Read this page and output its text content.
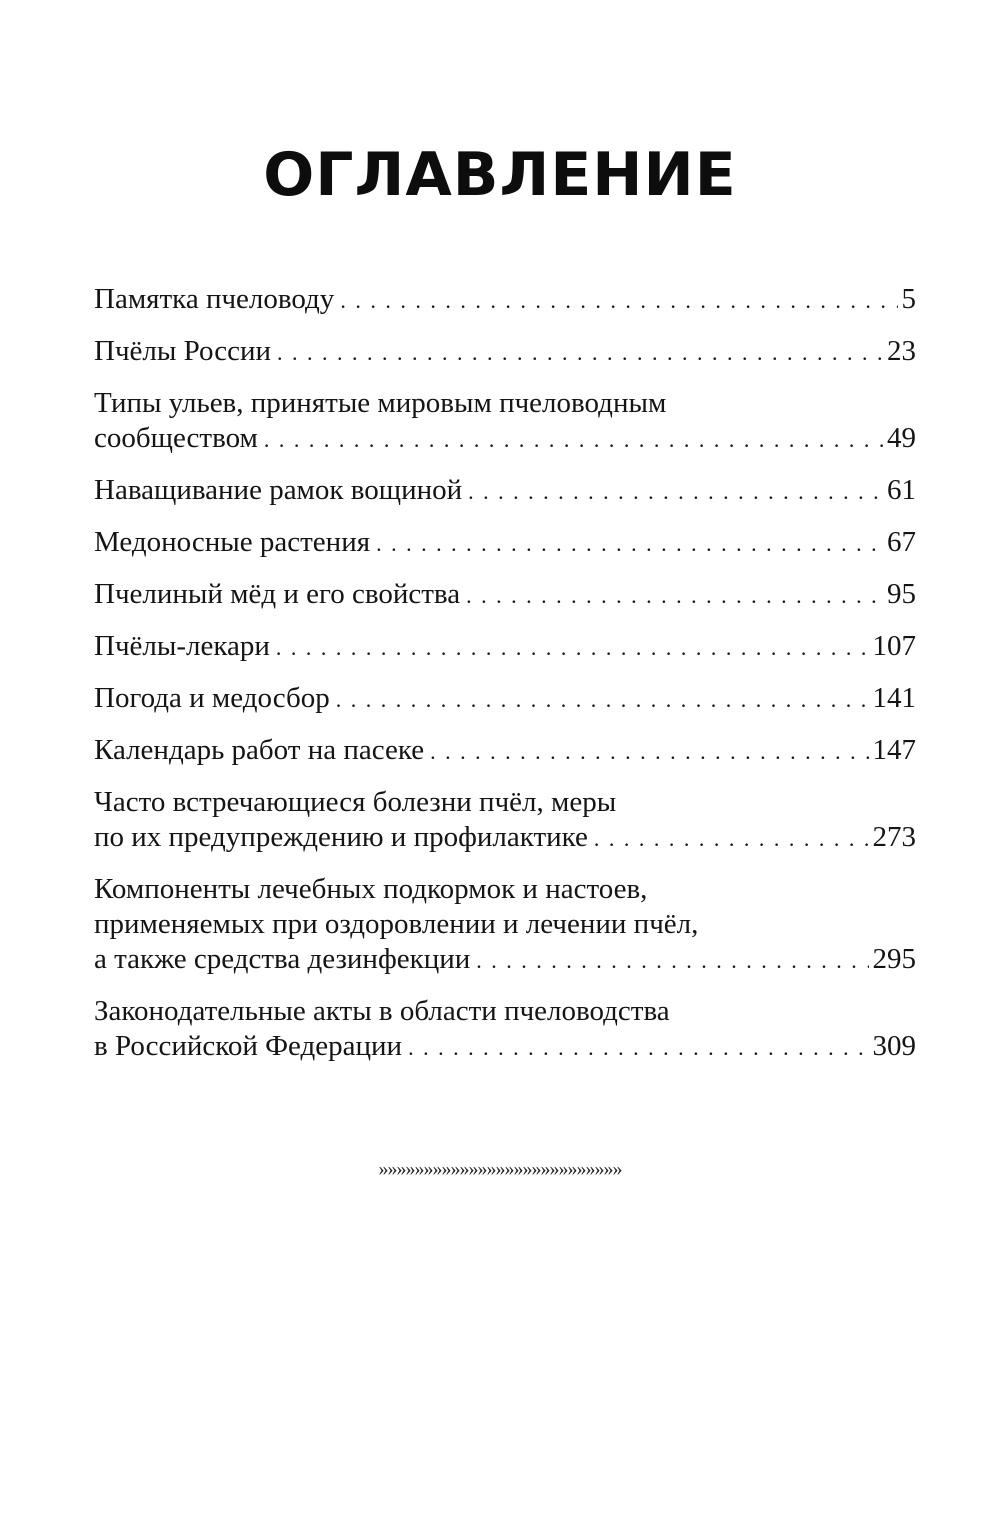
ОГЛАВЛЕНИЕ
Памятка пчеловоду . . .	5
Пчёлы России . . .	23
Типы ульев, принятые мировым пчеловодным
сообществом . . .	49
Наващивание рамок вощиной . . .	61
Медоносные растения . . .	67
Пчелиный мёд и его свойства . . .	95
Пчёлы-лекари . . .	107
Погода и медосбор . . .	141
Календарь работ на пасеке . . .	147
Часто встречающиеся болезни пчёл, меры
по их предупреждению и профилактике . . .	273
Компоненты лечебных подкормок и настоев,
применяемых при оздоровлении и лечении пчёл,
а также средства дезинфекции . . .	295
Законодательные акты в области пчеловодства
в Российской Федерации . . .	309
»»»»»»»»»»»»»»»»»»»»»»»»»»»
